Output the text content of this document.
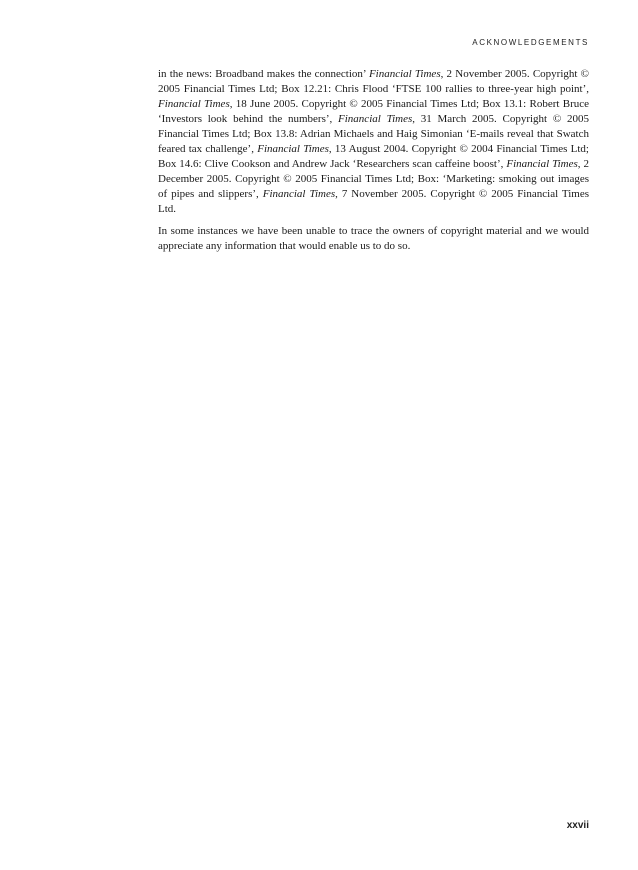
ACKNOWLEDGEMENTS

in the news: Broadband makes the connection’ Financial Times, 2 November 2005. Copyright © 2005 Financial Times Ltd; Box 12.21: Chris Flood ‘FTSE 100 rallies to three-year high point’, Financial Times, 18 June 2005. Copyright © 2005 Financial Times Ltd; Box 13.1: Robert Bruce ‘Investors look behind the numbers’, Financial Times, 31 March 2005. Copyright © 2005 Financial Times Ltd; Box 13.8: Adrian Michaels and Haig Simonian ‘E-mails reveal that Swatch feared tax challenge’, Financial Times, 13 August 2004. Copyright © 2004 Financial Times Ltd; Box 14.6: Clive Cookson and Andrew Jack ‘Researchers scan caffeine boost’, Financial Times, 2 December 2005. Copyright © 2005 Financial Times Ltd; Box: ‘Marketing: smoking out images of pipes and slippers’, Financial Times, 7 November 2005. Copyright © 2005 Financial Times Ltd.

In some instances we have been unable to trace the owners of copyright material and we would appreciate any information that would enable us to do so.

xxvii
